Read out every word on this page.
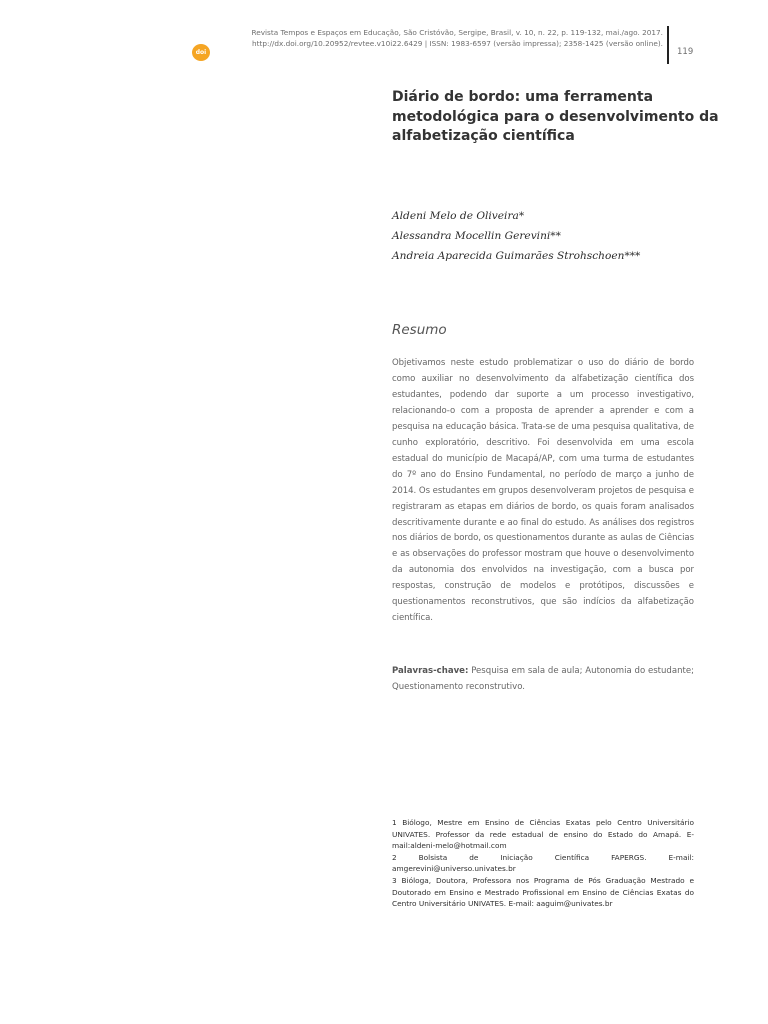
doi
Revista Tempos e Espaços em Educação, São Cristóvão, Sergipe, Brasil, v. 10, n. 22, p. 119-132, mai./ago. 2017.
http://dx.doi.org/10.20952/revtee.v10i22.6429 | ISSN: 1983-6597 (versão impressa); 2358-1425 (versão online).
119
Diário de bordo: uma ferramenta metodológica para o desenvolvimento da alfabetização científica
Aldeni Melo de Oliveira*
Alessandra Mocellin Gerevini**
Andreia Aparecida Guimarães Strohschoen***
Resumo

Objetivamos neste estudo problematizar o uso do diário de bordo como auxiliar no desenvolvimento da alfabetização científica dos estudantes, podendo dar suporte a um processo investigativo, relacionando-o com a proposta de aprender a aprender e com a pesquisa na educação básica. Trata-se de uma pesquisa qualitativa, de cunho exploratório, descritivo. Foi desenvolvida em uma escola estadual do município de Macapá/AP, com uma turma de estudantes do 7º ano do Ensino Fundamental, no período de março a junho de 2014. Os estudantes em grupos desenvolveram projetos de pesquisa e registraram as etapas em diários de bordo, os quais foram analisados descritivamente durante e ao final do estudo. As análises dos registros nos diários de bordo, os questionamentos durante as aulas de Ciências e as observações do professor mostram que houve o desenvolvimento da autonomia dos envolvidos na investigação, com a busca por respostas, construção de modelos e protótipos, discussões e questionamentos reconstrutivos, que são indícios da alfabetização científica.

Palavras-chave: Pesquisa em sala de aula; Autonomia do estudante; Questionamento reconstrutivo.

1 Biólogo, Mestre em Ensino de Ciências Exatas pelo Centro Universitário UNIVATES. Professor da rede estadual de ensino do Estado do Amapá. E-mail:aldeni-melo@hotmail.com

2 Bolsista de Iniciação Científica FAPERGS. E-mail: amgerevini@universo.univates.br

3 Bióloga, Doutora, Professora nos Programa de Pós Graduação Mestrado e Doutorado em Ensino e Mestrado Profissional em Ensino de Ciências Exatas do Centro Universitário UNIVATES. E-mail: aaguim@univates.br
